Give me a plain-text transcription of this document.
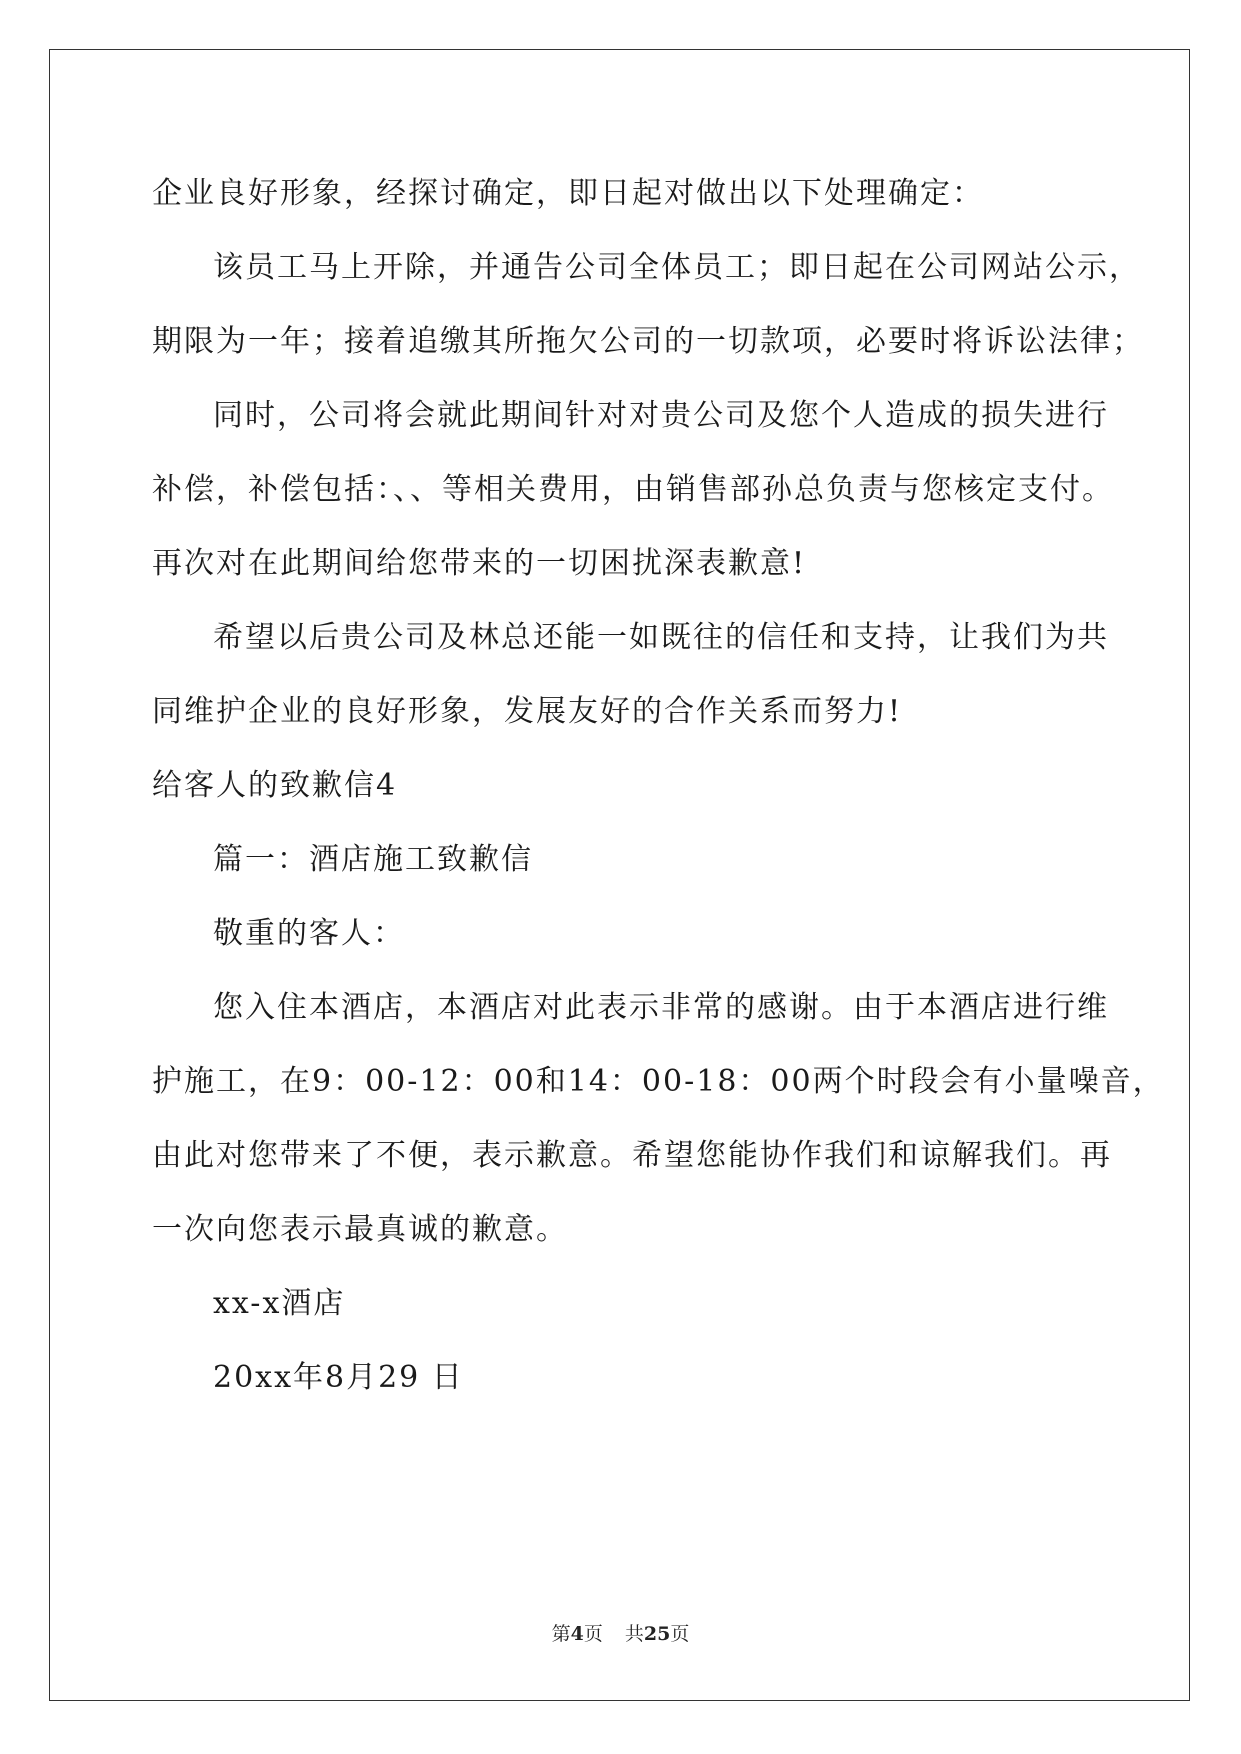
企业良好形象，经探讨确定，即日起对做出以下处理确定：
该员工马上开除，并通告公司全体员工；即日起在公司网站公示，
期限为一年；接着追缴其所拖欠公司的一切款项，必要时将诉讼法律；
同时，公司将会就此期间针对对贵公司及您个人造成的损失进行
补偿，补偿包括：、、等相关费用，由销售部孙总负责与您核定支付。
再次对在此期间给您带来的一切困扰深表歉意!
希望以后贵公司及林总还能一如既往的信任和支持，让我们为共
同维护企业的良好形象，发展友好的合作关系而努力!
给客人的致歉信4
篇一：酒店施工致歉信
敬重的客人：
您入住本酒店，本酒店对此表示非常的感谢。由于本酒店进行维
护施工，在9：00-12：00和14：00-18：00两个时段会有小量噪音，
由此对您带来了不便，表示歉意。希望您能协作我们和谅解我们。再
一次向您表示最真诚的歉意。
xx-x酒店
20xx年8月29 日
第4页 共25页
